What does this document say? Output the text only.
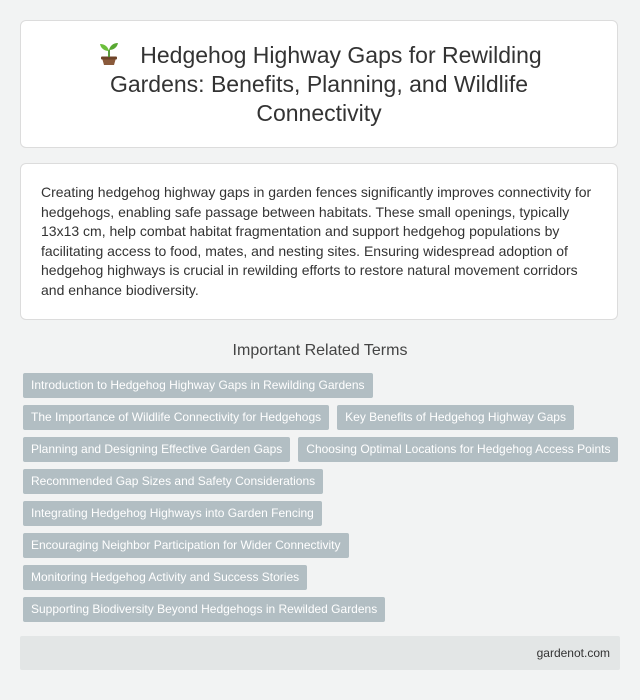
Hedgehog Highway Gaps for Rewilding Gardens: Benefits, Planning, and Wildlife Connectivity

Creating hedgehog highway gaps in garden fences significantly improves connectivity for hedgehogs, enabling safe passage between habitats. These small openings, typically 13x13 cm, help combat habitat fragmentation and support hedgehog populations by facilitating access to food, mates, and nesting sites. Ensuring widespread adoption of hedgehog highways is crucial in rewilding efforts to restore natural movement corridors and enhance biodiversity.

Important Related Terms
Introduction to Hedgehog Highway Gaps in Rewilding Gardens
The Importance of Wildlife Connectivity for Hedgehogs	Key Benefits of Hedgehog Highway Gaps
Planning and Designing Effective Garden Gaps	Choosing Optimal Locations for Hedgehog Access Points
Recommended Gap Sizes and Safety Considerations
Integrating Hedgehog Highways into Garden Fencing
Encouraging Neighbor Participation for Wider Connectivity
Monitoring Hedgehog Activity and Success Stories
Supporting Biodiversity Beyond Hedgehogs in Rewilded Gardens
gardenot.com
